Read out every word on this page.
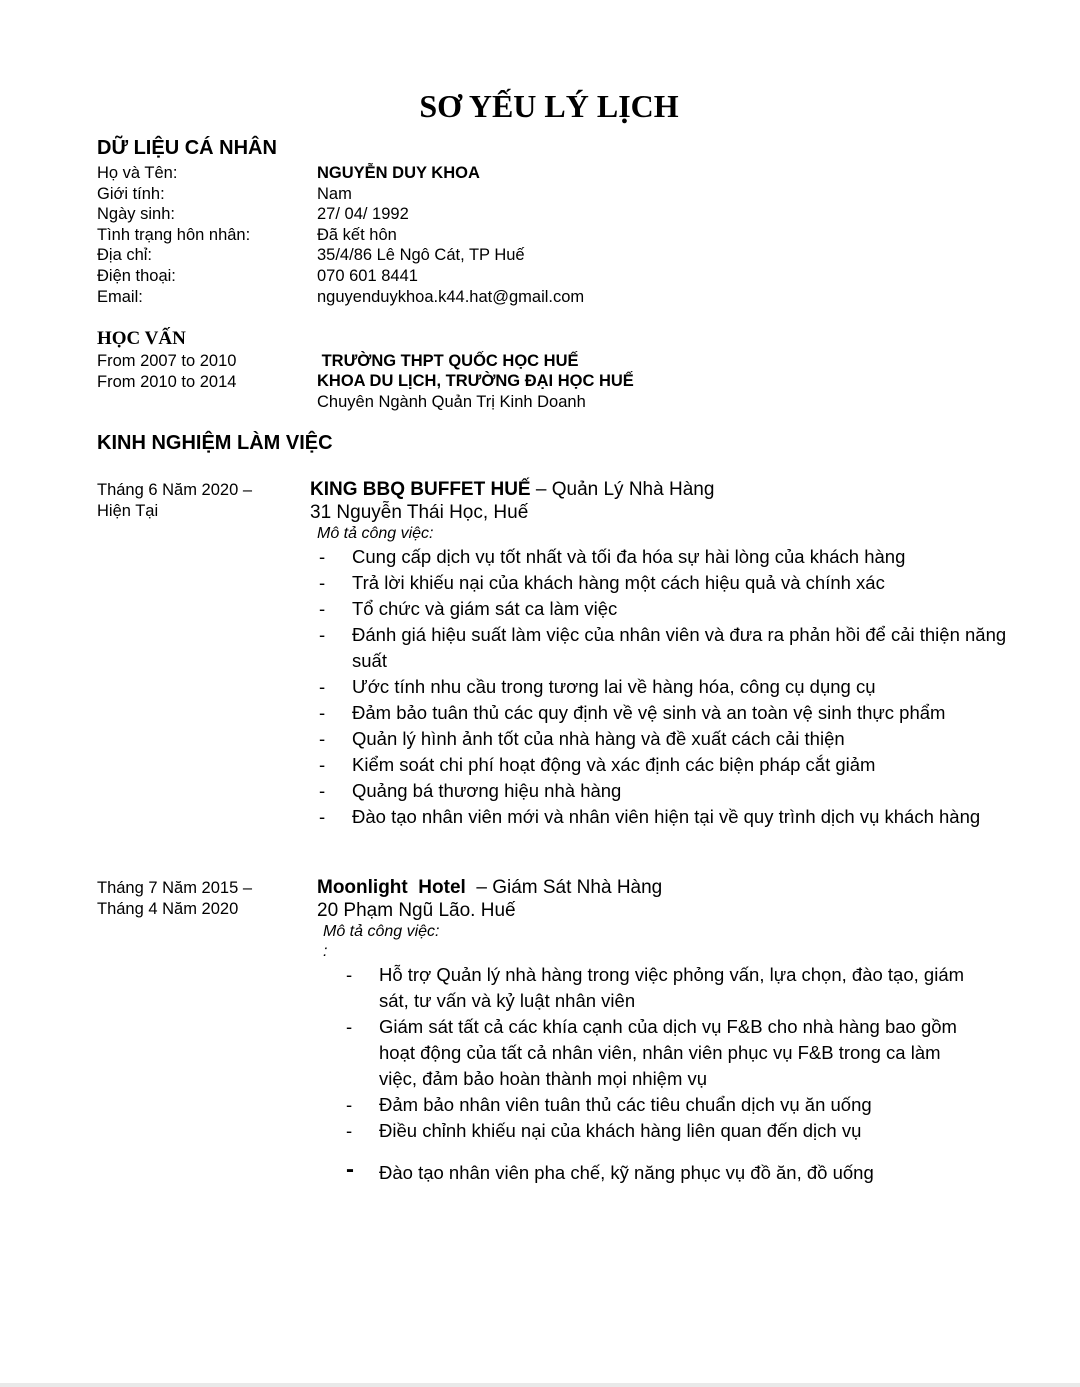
SƠ YẾU LÝ LỊCH
DỮ LIỆU CÁ NHÂN
Họ và Tên:	NGUYỄN DUY KHOA
Giới tính:	Nam
Ngày sinh:	27/ 04/ 1992
Tình trạng hôn nhân:	Đã kết hôn
Địa chỉ:	35/4/86 Lê Ngô Cát, TP Huế
Điện thoại:	070 601 8441
Email:	nguyenduykhoa.k44.hat@gmail.com
HỌC VẤN
From 2007 to 2010	TRƯỜNG THPT QUỐC HỌC HUẾ
From 2010 to 2014	KHOA DU LỊCH, TRƯỜNG ĐẠI HỌC HUẾ
Chuyên Ngành Quản Trị Kinh Doanh
KINH NGHIỆM LÀM VIỆC
Tháng 6 Năm 2020 –
Hiện Tại
KING BBQ BUFFET HUẾ – Quản Lý Nhà Hàng
31 Nguyễn Thái Học, Huế
Mô tả công việc:
- Cung cấp dịch vụ tốt nhất và tối đa hóa sự hài lòng của khách hàng
- Trả lời khiếu nại của khách hàng một cách hiệu quả và chính xác
- Tổ chức và giám sát ca làm việc
- Đánh giá hiệu suất làm việc của nhân viên và đưa ra phản hồi để cải thiện năng suất
- Ước tính nhu cầu trong tương lai về hàng hóa, công cụ dụng cụ
- Đảm bảo tuân thủ các quy định về vệ sinh và an toàn vệ sinh thực phẩm
- Quản lý hình ảnh tốt của nhà hàng và đề xuất cách cải thiện
- Kiểm soát chi phí hoạt động và xác định các biện pháp cắt giảm
- Quảng bá thương hiệu nhà hàng
- Đào tạo nhân viên mới và nhân viên hiện tại về quy trình dịch vụ khách hàng
Tháng 7 Năm 2015 –
Tháng 4 Năm 2020
Moonlight  Hotel  – Giám Sát Nhà Hàng
20 Phạm Ngũ Lão. Huế
Mô tả công việc:
:
- Hỗ trợ Quản lý nhà hàng trong việc phỏng vấn, lựa chọn, đào tạo, giám sát, tư vấn và kỷ luật nhân viên
- Giám sát tất cả các khía cạnh của dịch vụ F&B cho nhà hàng bao gồm hoạt động của tất cả nhân viên, nhân viên phục vụ F&B trong ca làm việc, đảm bảo hoàn thành mọi nhiệm vụ
- Đảm bảo nhân viên tuân thủ các tiêu chuẩn dịch vụ ăn uống
- Điều chỉnh khiếu nại của khách hàng liên quan đến dịch vụ
- Đào tạo nhân viên pha chế, kỹ năng phục vụ đồ ăn, đồ uống
